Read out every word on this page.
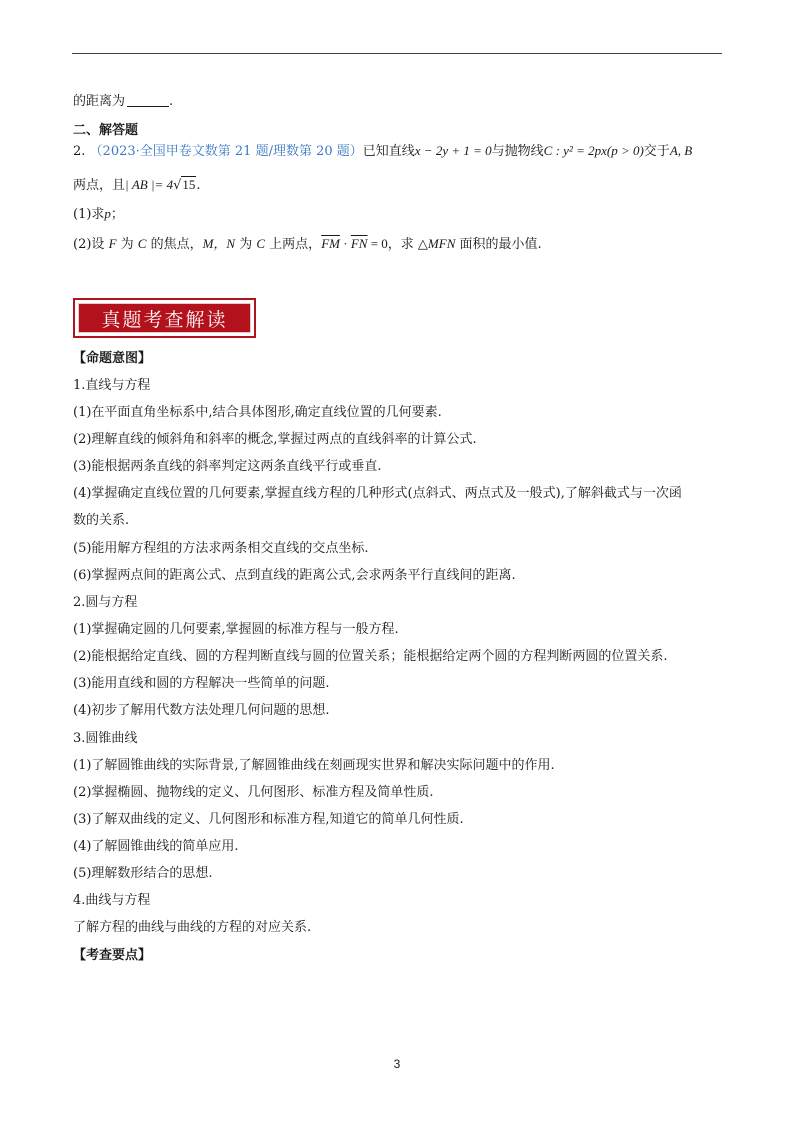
的距离为	.
二、解答题
2. （2023·全国甲卷文数第 21 题/理数第 20 题）已知直线x − 2y + 1 = 0与抛物线C : y² = 2px(p > 0)交于A, B
两点，且| AB |= 4√15.
(1)求p；
(2)设 F 为 C 的焦点，M，N 为 C 上两点，$\overline{FM} \cdot \overline{FN} = 0$，求 △MFN 面积的最小值.
真题考查解读
【命题意图】
1.直线与方程
(1)在平面直角坐标系中,结合具体图形,确定直线位置的几何要素.
(2)理解直线的倾斜角和斜率的概念,掌握过两点的直线斜率的计算公式.
(3)能根据两条直线的斜率判定这两条直线平行或垂直.
(4)掌握确定直线位置的几何要素,掌握直线方程的几种形式(点斜式、两点式及一般式),了解斜截式与一次函
数的关系.
(5)能用解方程组的方法求两条相交直线的交点坐标.
(6)掌握两点间的距离公式、点到直线的距离公式,会求两条平行直线间的距离.
2.圆与方程
(1)掌握确定圆的几何要素,掌握圆的标准方程与一般方程.
(2)能根据给定直线、圆的方程判断直线与圆的位置关系；能根据给定两个圆的方程判断两圆的位置关系.
(3)能用直线和圆的方程解决一些简单的问题.
(4)初步了解用代数方法处理几何问题的思想.
3.圆锥曲线
(1)了解圆锥曲线的实际背景,了解圆锥曲线在刻画现实世界和解决实际问题中的作用.
(2)掌握椭圆、抛物线的定义、几何图形、标准方程及简单性质.
(3)了解双曲线的定义、几何图形和标准方程,知道它的简单几何性质.
(4)了解圆锥曲线的简单应用.
(5)理解数形结合的思想.
4.曲线与方程
了解方程的曲线与曲线的方程的对应关系.
【考查要点】
3
